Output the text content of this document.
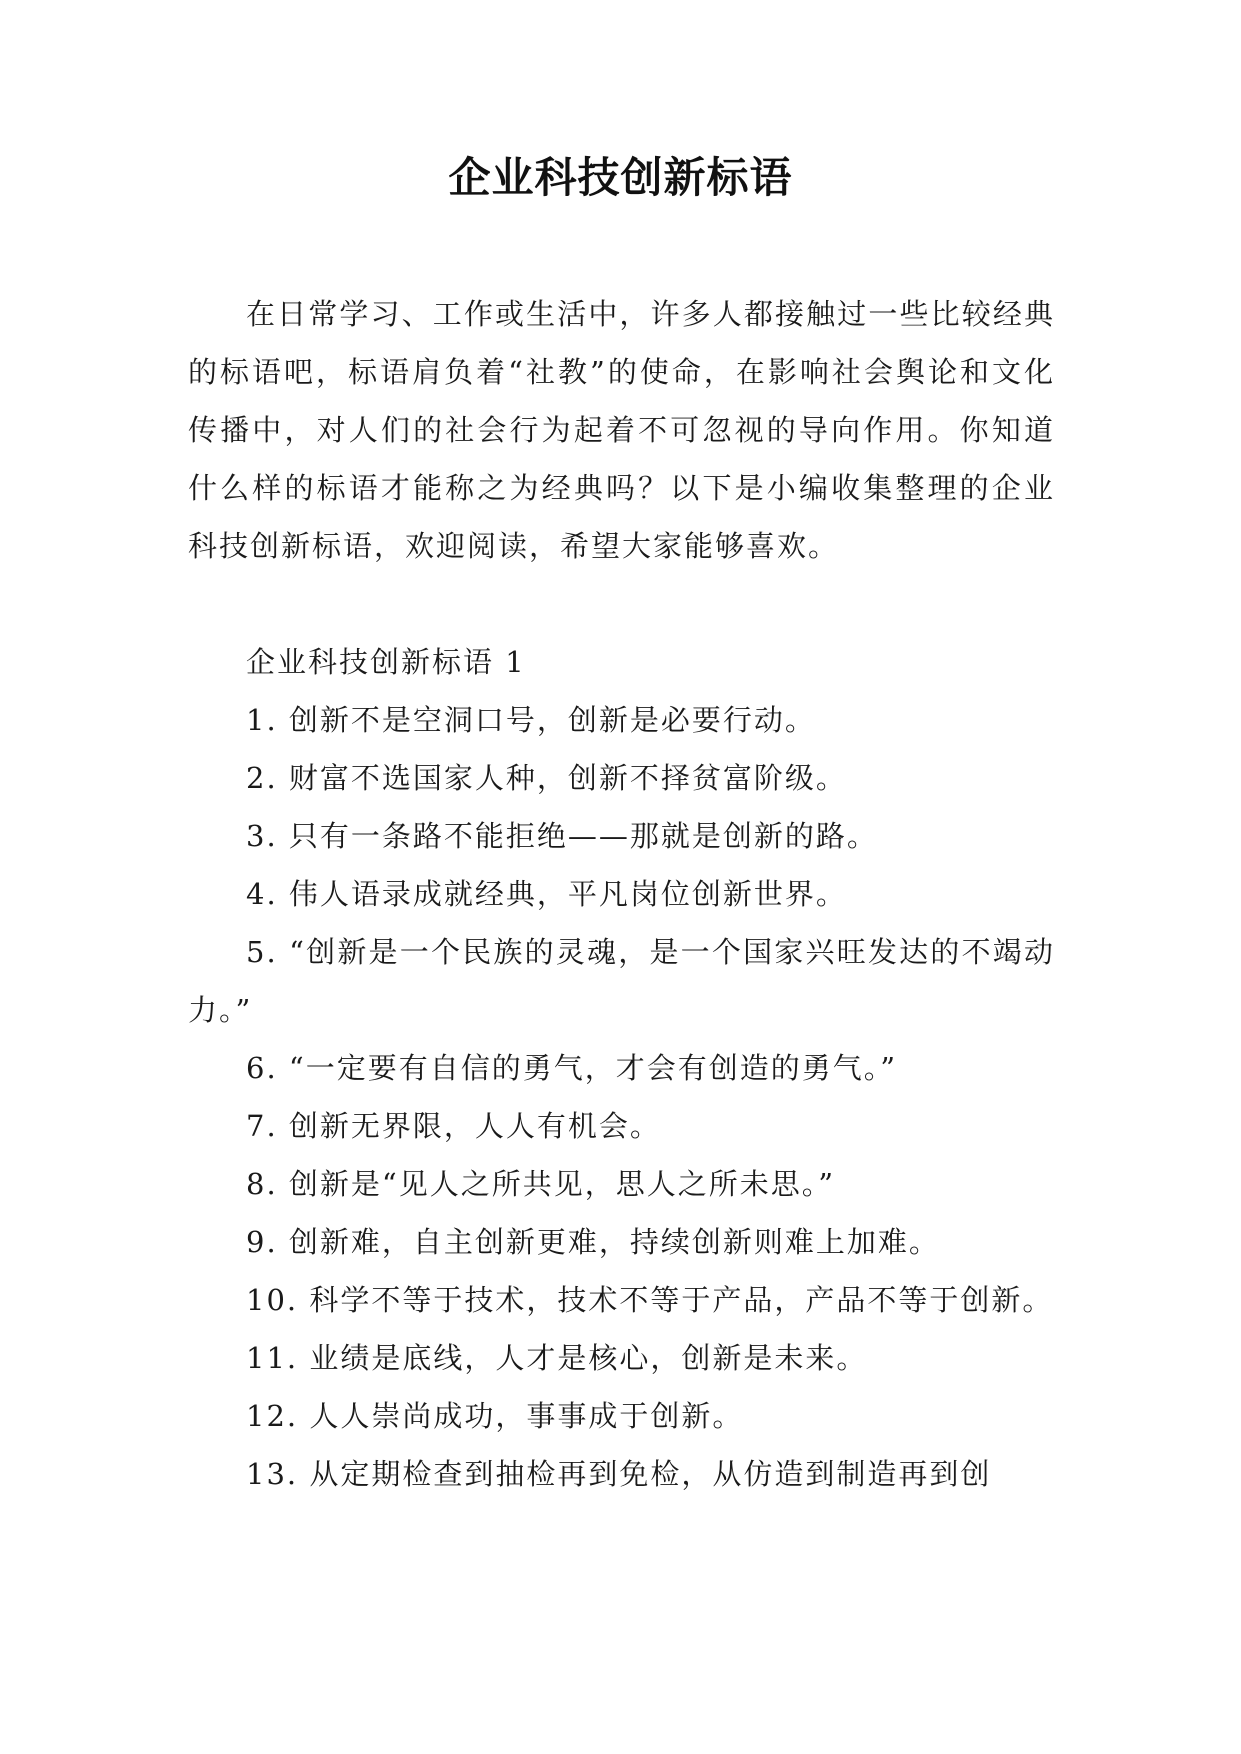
企业科技创新标语

在日常学习、工作或生活中，许多人都接触过一些比较经典的标语吧，标语肩负着“社教”的使命，在影响社会舆论和文化传播中，对人们的社会行为起着不可忽视的导向作用。你知道什么样的标语才能称之为经典吗？以下是小编收集整理的企业科技创新标语，欢迎阅读，希望大家能够喜欢。

企业科技创新标语 1

1. 创新不是空洞口号，创新是必要行动。

2. 财富不选国家人种，创新不择贫富阶级。

3. 只有一条路不能拒绝——那就是创新的路。

4. 伟人语录成就经典，平凡岗位创新世界。

5. “创新是一个民族的灵魂，是一个国家兴旺发达的不竭动力。”

6. “一定要有自信的勇气，才会有创造的勇气。”

7. 创新无界限，人人有机会。

8. 创新是“见人之所共见，思人之所未思。”

9. 创新难，自主创新更难，持续创新则难上加难。

10. 科学不等于技术，技术不等于产品，产品不等于创新。

11. 业绩是底线，人才是核心，创新是未来。

12. 人人崇尚成功，事事成于创新。

13. 从定期检查到抽检再到免检，从仿造到制造再到创
